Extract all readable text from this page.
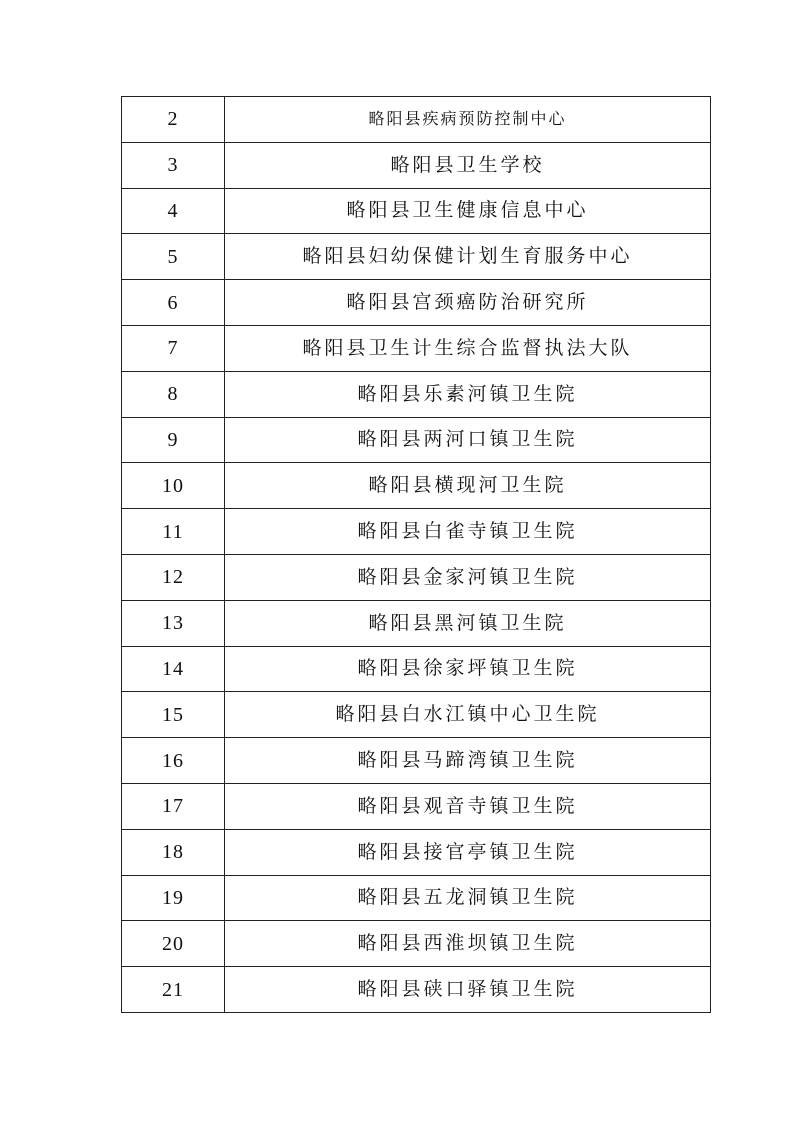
2	略阳县疾病预防控制中心
3	略阳县卫生学校
4	略阳县卫生健康信息中心
5	略阳县妇幼保健计划生育服务中心
6	略阳县宫颈癌防治研究所
7	略阳县卫生计生综合监督执法大队
8	略阳县乐素河镇卫生院
9	略阳县两河口镇卫生院
10	略阳县横现河卫生院
11	略阳县白雀寺镇卫生院
12	略阳县金家河镇卫生院
13	略阳县黑河镇卫生院
14	略阳县徐家坪镇卫生院
15	略阳县白水江镇中心卫生院
16	略阳县马蹄湾镇卫生院
17	略阳县观音寺镇卫生院
18	略阳县接官亭镇卫生院
19	略阳县五龙洞镇卫生院
20	略阳县西淮坝镇卫生院
21	略阳县硖口驿镇卫生院
